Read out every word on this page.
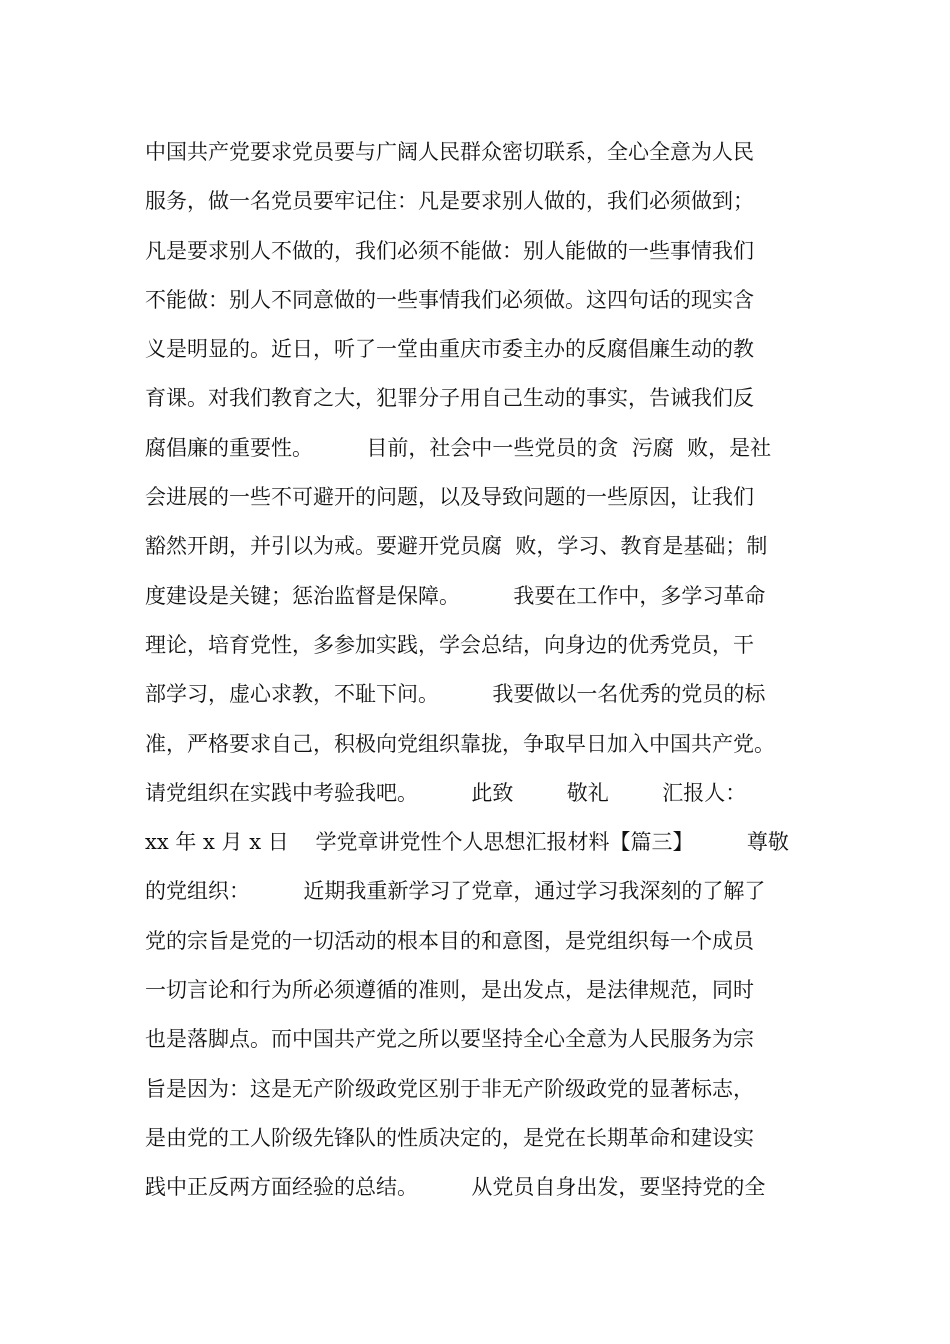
中国共产党要求党员要与广阔人民群众密切联系，全心全意为人民
服务，做一名党员要牢记住：凡是要求别人做的，我们必须做到；
凡是要求别人不做的，我们必须不能做：别人能做的一些事情我们
不能做：别人不同意做的一些事情我们必须做。这四句话的现实含
义是明显的。近日，听了一堂由重庆市委主办的反腐倡廉生动的教
育课。对我们教育之大，犯罪分子用自己生动的事实，告诫我们反
腐倡廉的重要性。        目前，社会中一些党员的贪  污腐  败，是社
会进展的一些不可避开的问题，以及导致问题的一些原因，让我们
豁然开朗，并引以为戒。要避开党员腐  败，学习、教育是基础；制
度建设是关键；惩治监督是保障。        我要在工作中，多学习革命
理论，培育党性，多参加实践，学会总结，向身边的优秀党员，干
部学习，虚心求教，不耻下问。        我要做以一名优秀的党员的标
准，严格要求自己，积极向党组织靠拢，争取早日加入中国共产党。
请党组织在实践中考验我吧。        此致        敬礼        汇报人：
xx 年 x 月 x 日    学党章讲党性个人思想汇报材料【篇三】        尊敬
的党组织：        近期我重新学习了党章，通过学习我深刻的了解了
党的宗旨是党的一切活动的根本目的和意图，是党组织每一个成员
一切言论和行为所必须遵循的准则，是出发点，是法律规范，同时
也是落脚点。而中国共产党之所以要坚持全心全意为人民服务为宗
旨是因为：这是无产阶级政党区别于非无产阶级政党的显著标志，
是由党的工人阶级先锋队的性质决定的，是党在长期革命和建设实
践中正反两方面经验的总结。        从党员自身出发，要坚持党的全
